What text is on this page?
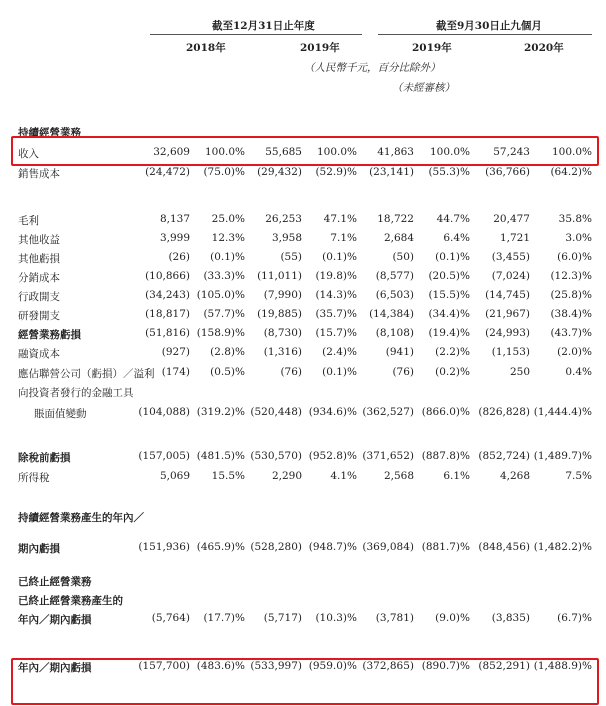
截至12月31日止年度	截至9月30日止九個月
2018年	2019年	2019年	2020年
（人民幣千元，百分比除外）
（未經審核）
持續經營業務
收入	32,609	100.0%	55,685	100.0%	41,863	100.0%	57,243	100.0%
銷售成本	(24,472)	(75.0)%	(29,432)	(52.9)%	(23,141)	(55.3)%	(36,766)	(64.2)%
毛利	8,137	25.0%	26,253	47.1%	18,722	44.7%	20,477	35.8%
其他收益	3,999	12.3%	3,958	7.1%	2,684	6.4%	1,721	3.0%
其他虧損	(26)	(0.1)%	(55)	(0.1)%	(50)	(0.1)%	(3,455)	(6.0)%
分銷成本	(10,866)	(33.3)%	(11,011)	(19.8)%	(8,577)	(20.5)%	(7,024)	(12.3)%
行政開支	(34,243) (105.0)%	(7,990)	(14.3)%	(6,503)	(15.5)%	(14,745)	(25.8)%
研發開支	(18,817)	(57.7)%	(19,885)	(35.7)%	(14,384)	(34.4)%	(21,967)	(38.4)%
經營業務虧損	(51,816) (158.9)%	(8,730)	(15.7)%	(8,108)	(19.4)%	(24,993)	(43.7)%
融資成本	(927)	(2.8)%	(1,316)	(2.4)%	(941)	(2.2)%	(1,153)	(2.0)%
應佔聯營公司（虧損）／溢利 (174)	(0.5)%	(76)	(0.1)%	(76)	(0.2)%	250	0.4%
向投資者發行的金融工具
賬面值變動	(104,088) (319.2)% (520,448) (934.6)% (362,527) (866.0)% (826,828) (1,444.4)%
除稅前虧損	(157,005) (481.5)% (530,570) (952.8)% (371,652) (887.8)% (852,724) (1,489.7)%
所得稅	5,069	15.5%	2,290	4.1%	2,568	6.1%	4,268	7.5%
持續經營業務產生的年內／
期內虧損	(151,936) (465.9)% (528,280) (948.7)% (369,084) (881.7)% (848,456) (1,482.2)%
已終止經營業務
已終止經營業務產生的
年內／期內虧損	(5,764)	(17.7)%	(5,717)	(10.3)%	(3,781)	(9.0)%	(3,835)	(6.7)%
年內／期內虧損	(157,700) (483.6)% (533,997) (959.0)% (372,865) (890.7)% (852,291) (1,488.9)%
